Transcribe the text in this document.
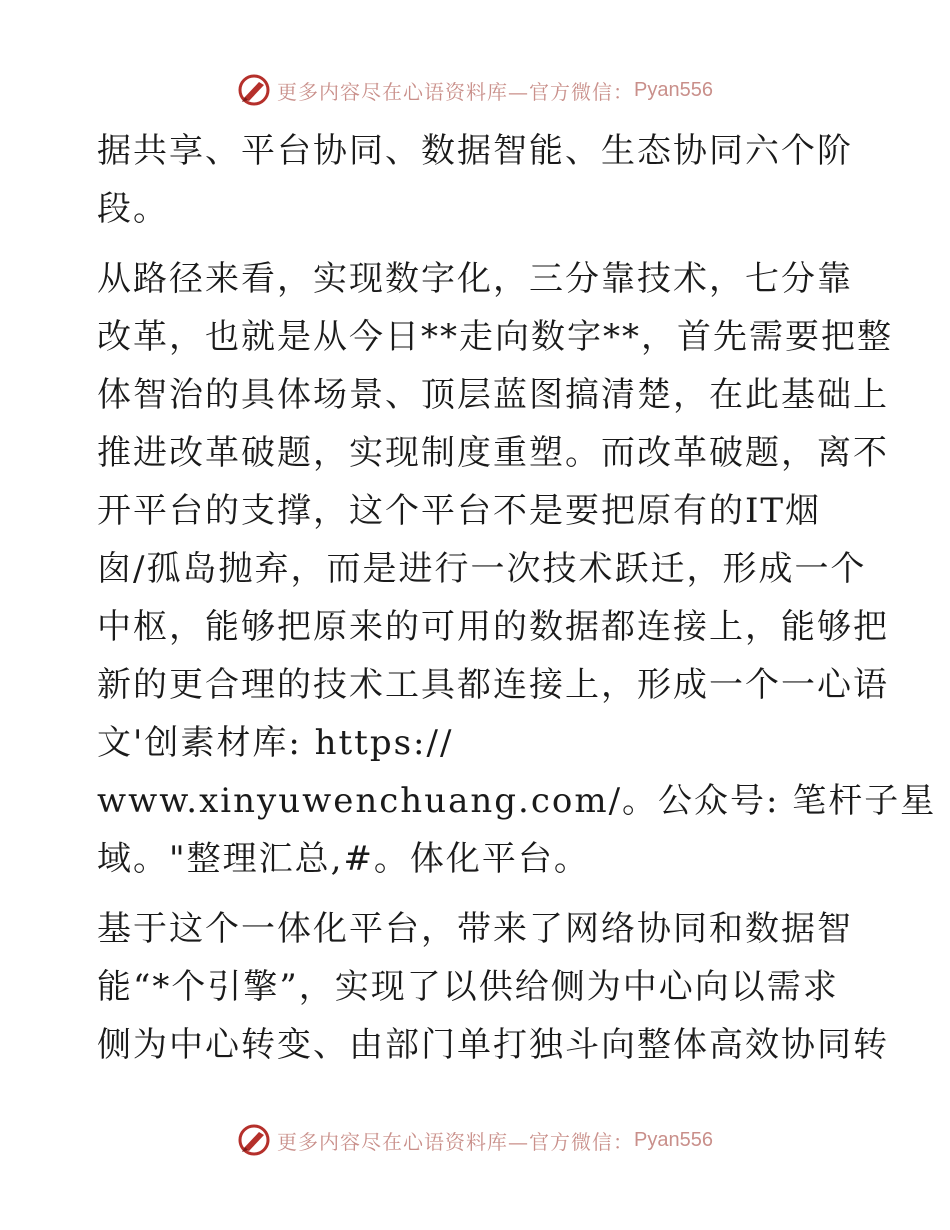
更多内容尽在心语资料库—官方微信： Pyan556

据共享、平台协同、数据智能、生态协同六个阶
段。

从路径来看，实现数字化，三分靠技术，七分靠
改革，也就是从今日**走向数字**，首先需要把整
体智治的具体场景、顶层蓝图搞清楚，在此基础上
推进改革破题，实现制度重塑。而改革破题，离不
开平台的支撑，这个平台不是要把原有的IT烟
囱/孤岛抛弃，而是进行一次技术跃迁，形成一个
中枢，能够把原来的可用的数据都连接上，能够把
新的更合理的技术工具都连接上，形成一个一心语
文'创素材库: https://
www.xinyuwenchuang.com/。公众号: 笔杆子星
域。"整理汇总,#。体化平台。

基于这个一体化平台，带来了网络协同和数据智
能“*个引擎”，实现了以供给侧为中心向以需求
侧为中心转变、由部门单打独斗向整体高效协同转

更多内容尽在心语资料库—官方微信： Pyan556
